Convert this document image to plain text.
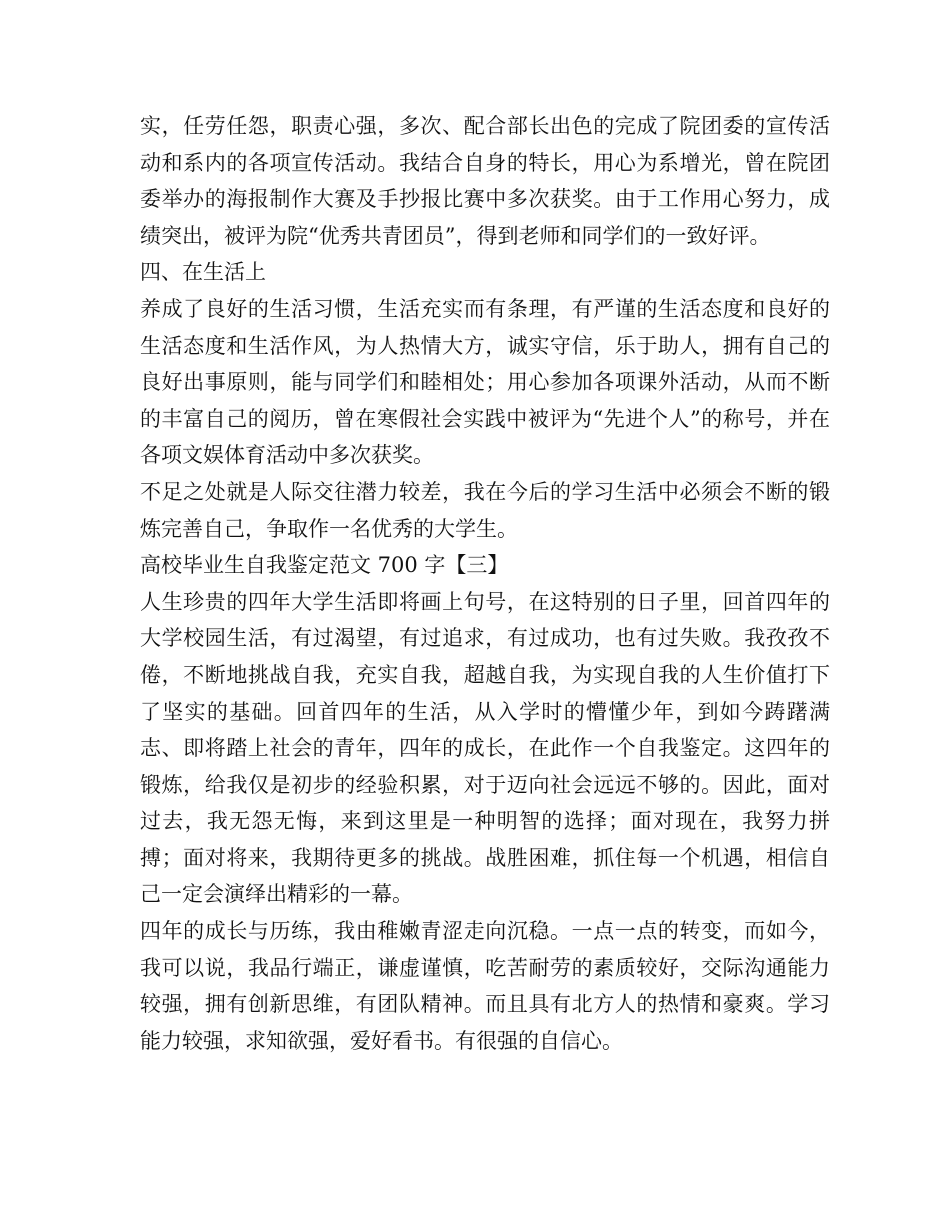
实，任劳任怨，职责心强，多次、配合部长出色的完成了院团委的宣传活动和系内的各项宣传活动。我结合自身的特长，用心为系增光，曾在院团委举办的海报制作大赛及手抄报比赛中多次获奖。由于工作用心努力，成绩突出，被评为院“优秀共青团员”，得到老师和同学们的一致好评。

四、在生活上

养成了良好的生活习惯，生活充实而有条理，有严谨的生活态度和良好的生活态度和生活作风，为人热情大方，诚实守信，乐于助人，拥有自己的良好出事原则，能与同学们和睦相处；用心参加各项课外活动，从而不断的丰富自己的阅历，曾在寒假社会实践中被评为“先进个人”的称号，并在各项文娱体育活动中多次获奖。

不足之处就是人际交往潜力较差，我在今后的学习生活中必须会不断的锻炼完善自己，争取作一名优秀的大学生。

高校毕业生自我鉴定范文 700 字【三】

人生珍贵的四年大学生活即将画上句号，在这特别的日子里，回首四年的大学校园生活，有过渴望，有过追求，有过成功，也有过失败。我孜孜不倦，不断地挑战自我，充实自我，超越自我，为实现自我的人生价值打下了坚实的基础。回首四年的生活，从入学时的懵懂少年，到如今踌躇满志、即将踏上社会的青年，四年的成长，在此作一个自我鉴定。这四年的锻炼，给我仅是初步的经验积累，对于迈向社会远远不够的。因此，面对过去，我无怨无悔，来到这里是一种明智的选择；面对现在，我努力拼搏；面对将来，我期待更多的挑战。战胜困难，抓住每一个机遇，相信自己一定会演绎出精彩的一幕。

四年的成长与历练，我由稚嫩青涩走向沉稳。一点一点的转变，而如今，我可以说，我品行端正，谦虚谨慎，吃苦耐劳的素质较好，交际沟通能力较强，拥有创新思维，有团队精神。而且具有北方人的热情和豪爽。学习能力较强，求知欲强，爱好看书。有很强的自信心。
